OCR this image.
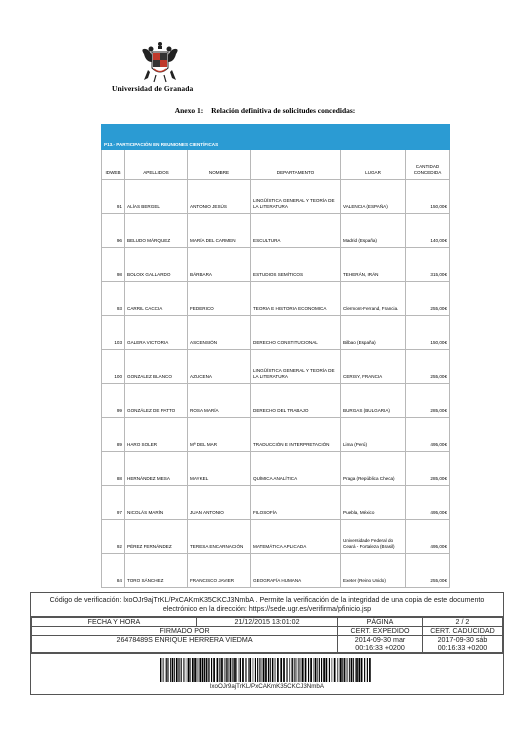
Universidad de Granada
Anexo 1: Relación definitiva de solicitudes concedidas:

P13.- PARTICIPACIÓN EN REUNIONES CIENTÍFICAS					
IDWEB	APELLIDOS	NOMBRE	DEPARTAMENTO	LUGAR	CANTIDAD CONCEDIDA
91	ALÍAS BERGEL	ANTONIO JESÚS	LINGÜÍSTICA GENERAL Y TEORÍA DE LA LITERATURA	VALENCIA (ESPAÑA)	150,00€
96	BELUDO MÁRQUEZ	MARÍA DEL CARMEN	ESCULTURA	Madrid (España)	140,00€
98	BOLOIX GALLARDO	BÁRBARA	ESTUDIOS SEMÍTICOS	TEHERÁN, IRÁN	315,00€
93	CARRIL CACCIA	FEDERICO	TEORIA E HISTORIA ECONOMICA	Clermont-Ferrand, Francia.	255,00€
103	GALERA VICTORIA	ASCENSIÓN	DERECHO CONSTITUCIONAL	Bilbao (España)	150,00€
100	GONZALEZ BLANCO	AZUCENA	LINGÜÍSTICA GENERAL Y TEORÍA DE LA LITERATURA	CERISY, FRANCIA	255,00€
99	GONZÁLEZ DE PATTO	ROSA MARÍA	DERECHO DEL TRABAJO	BURGAS (BULGARIA)	285,00€
89	HARO SOLER	Mª DEL MAR	TRADUCCIÓN E INTERPRETACIÓN	Lima (Perú)	495,00€
88	HERNÁNDEZ MESA	MAYKEL	QUÍMICA ANALÍTICA	Praga (República Checa)	285,00€
97	NICOLÁS MARÍN	JUAN ANTONIO	FILOSOFÍA	Puebla, México	495,00€
92	PÉREZ FERNÁNDEZ	TERESA ENCARNACIÓN	MATEMÁTICA APLICADA	Universidade Federal do Ceará - Fortaleza (Brasil)	495,00€
84	TORO SÁNCHEZ	FRANCISCO JAVIER	GEOGRAFÍA HUMANA	Exeter (Reino Unido)	255,00€
Código de verificación: lxoOJr9ajTrKL/PxCAKmK35CKCJ3NmbA . Permite la verificación de la integridad de una copia de este documento electrónico en la dirección: https://sede.ugr.es/verifirma/pfinicio.jsp
FECHA Y HORA	21/12/2015 13:01:02	PÁGINA	2 / 2
FIRMADO POR		CERT. EXPEDIDO	CERT. CADUCIDAD
26478489S ENRIQUE HERRERA VIEDMA		2014-09-30 mar 00:16:33 +0200	2017-09-30 sáb 00:16:33 +0200
lxoOJr9ajTrKL/PxCAKmK35CKCJ3NmbA
